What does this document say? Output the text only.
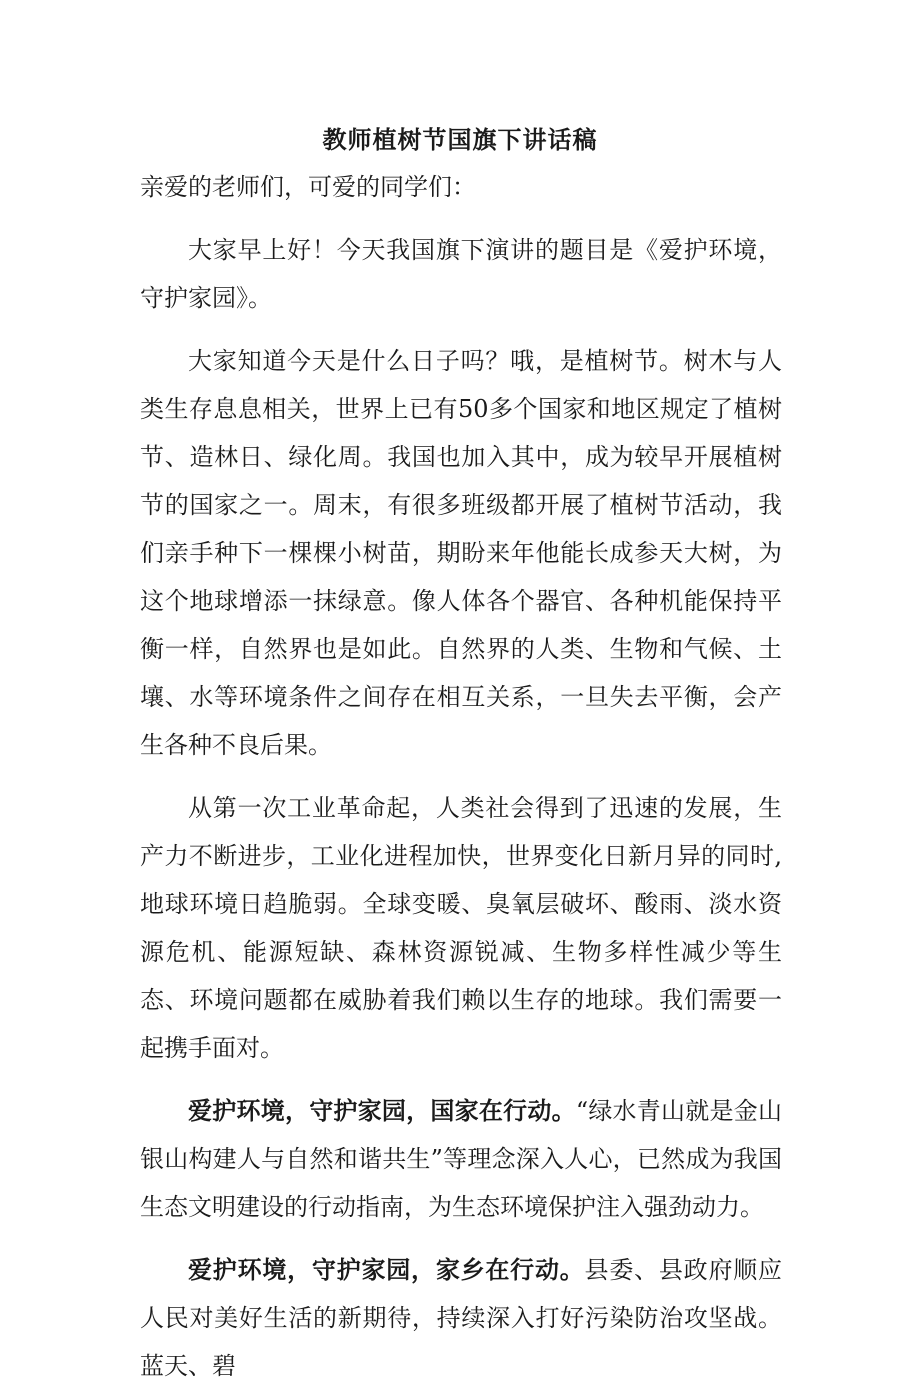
教师植树节国旗下讲话稿

亲爱的老师们，可爱的同学们：

大家早上好！今天我国旗下演讲的题目是《爱护环境，守护家园》。

大家知道今天是什么日子吗？哦，是植树节。树木与人类生存息息相关，世界上已有50多个国家和地区规定了植树节、造林日、绿化周。我国也加入其中，成为较早开展植树节的国家之一。周末，有很多班级都开展了植树节活动，我们亲手种下一棵棵小树苗，期盼来年他能长成参天大树，为这个地球增添一抹绿意。像人体各个器官、各种机能保持平衡一样，自然界也是如此。自然界的人类、生物和气候、土壤、水等环境条件之间存在相互关系，一旦失去平衡，会产生各种不良后果。

从第一次工业革命起，人类社会得到了迅速的发展，生产力不断进步，工业化进程加快，世界变化日新月异的同时,地球环境日趋脆弱。全球变暖、臭氧层破坏、酸雨、淡水资源危机、能源短缺、森林资源锐减、生物多样性减少等生态、环境问题都在威胁着我们赖以生存的地球。我们需要一起携手面对。

爱护环境，守护家园，国家在行动。“绿水青山就是金山银山构建人与自然和谐共生”等理念深入人心，已然成为我国生态文明建设的行动指南，为生态环境保护注入强劲动力。

爱护环境，守护家园，家乡在行动。县委、县政府顺应人民对美好生活的新期待，持续深入打好污染防治攻坚战。蓝天、碧
